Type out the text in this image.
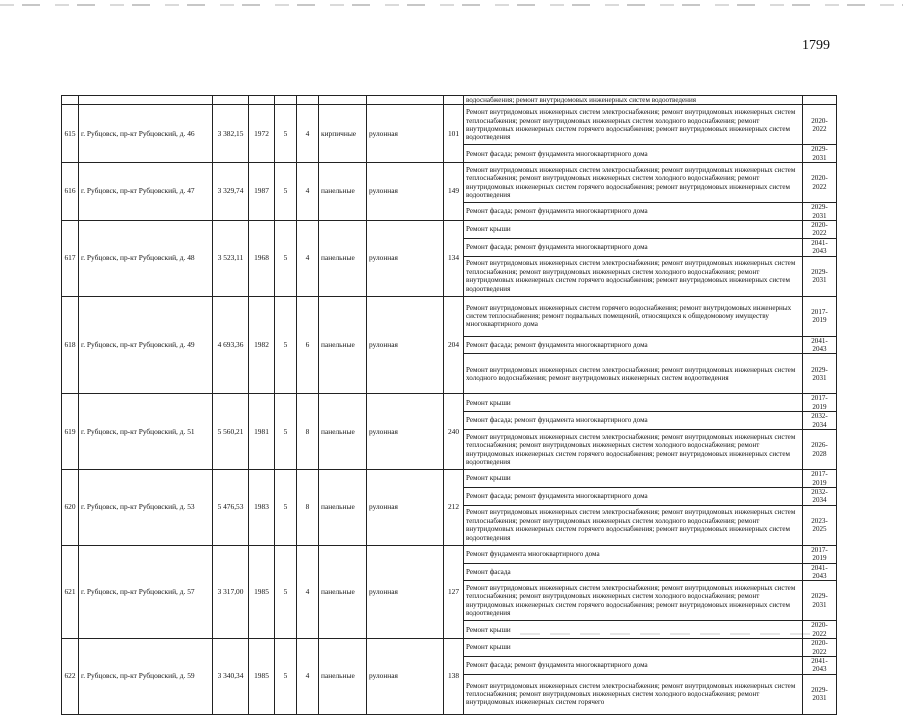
1799
									водоснабжения; ремонт внутридомовых инженерных систем водоотведения	
615	г. Рубцовск, пр-кт Рубцовский, д. 46	3 382,15	1972	5	4	кирпичные	рулонная	101	Ремонт внутридомовых инженерных систем электроснабжения; ремонт внутридомовых инженерных систем теплоснабжения; ремонт внутридомовых инженерных систем холодного водоснабжения; ремонт внутридомовых инженерных систем горячего водоснабжения; ремонт внутридомовых инженерных систем водоотведения	2020-2022
									Ремонт фасада; ремонт фундамента многоквартирного дома	2029-2031
616	г. Рубцовск, пр-кт Рубцовский, д. 47	3 329,74	1987	5	4	панельные	рулонная	149	Ремонт внутридомовых инженерных систем электроснабжения; ремонт внутридомовых инженерных систем теплоснабжения; ремонт внутридомовых инженерных систем холодного водоснабжения; ремонт внутридомовых инженерных систем горячего водоснабжения; ремонт внутридомовых инженерных систем водоотведения	2020-2022
									Ремонт фасада; ремонт фундамента многоквартирного дома	2029-2031
617	г. Рубцовск, пр-кт Рубцовский, д. 48	3 523,11	1968	5	4	панельные	рулонная	134	Ремонт крыши	2020-2022
									Ремонт фасада; ремонт фундамента многоквартирного дома	2041-2043
									Ремонт внутридомовых инженерных систем электроснабжения; ремонт внутридомовых инженерных систем теплоснабжения; ремонт внутридомовых инженерных систем холодного водоснабжения; ремонт внутридомовых инженерных систем горячего водоснабжения; ремонт внутридомовых инженерных систем водоотведения	2029-2031
618	г. Рубцовск, пр-кт Рубцовский, д. 49	4 693,36	1982	5	6	панельные	рулонная	204	Ремонт внутридомовых инженерных систем горячего водоснабжения; ремонт внутридомовых инженерных систем теплоснабжения; ремонт подвальных помещений, относящихся к общедомовому имуществу многоквартирного дома	2017-2019
									Ремонт фасада; ремонт фундамента многоквартирного дома	2041-2043
									Ремонт внутридомовых инженерных систем электроснабжения; ремонт внутридомовых инженерных систем холодного водоснабжения; ремонт внутридомовых инженерных систем водоотведения	2029-2031
619	г. Рубцовск, пр-кт Рубцовский, д. 51	5 560,21	1981	5	8	панельные	рулонная	240	Ремонт крыши	2017-2019
									Ремонт фасада; ремонт фундамента многоквартирного дома	2032-2034
									Ремонт внутридомовых инженерных систем электроснабжения; ремонт внутридомовых инженерных систем теплоснабжения; ремонт внутридомовых инженерных систем холодного водоснабжения; ремонт внутридомовых инженерных систем горячего водоснабжения; ремонт внутридомовых инженерных систем водоотведения	2026-2028
620	г. Рубцовск, пр-кт Рубцовский, д. 53	5 476,53	1983	5	8	панельные	рулонная	212	Ремонт крыши	2017-2019
									Ремонт фасада; ремонт фундамента многоквартирного дома	2032-2034
									Ремонт внутридомовых инженерных систем электроснабжения; ремонт внутридомовых инженерных систем теплоснабжения; ремонт внутридомовых инженерных систем холодного водоснабжения; ремонт внутридомовых инженерных систем горячего водоснабжения; ремонт внутридомовых инженерных систем водоотведения	2023-2025
621	г. Рубцовск, пр-кт Рубцовский, д. 57	3 317,00	1985	5	4	панельные	рулонная	127	Ремонт фундамента многоквартирного дома	2017-2019
									Ремонт фасада	2041-2043
									Ремонт внутридомовых инженерных систем электроснабжения; ремонт внутридомовых инженерных систем теплоснабжения; ремонт внутридомовых инженерных систем холодного водоснабжения; ремонт внутридомовых инженерных систем горячего водоснабжения; ремонт внутридомовых инженерных систем водоотведения	2029-2031
									Ремонт крыши	2020-2022
622	г. Рубцовск, пр-кт Рубцовский, д. 59	3 340,34	1985	5	4	панельные	рулонная	138	Ремонт крыши	2020-2022
									Ремонт фасада; ремонт фундамента многоквартирного дома	2041-2043
									Ремонт внутридомовых инженерных систем электроснабжения; ремонт внутридомовых инженерных систем теплоснабжения; ремонт внутридомовых инженерных систем холодного водоснабжения; ремонт внутридомовых инженерных систем горячего	2029-2031
